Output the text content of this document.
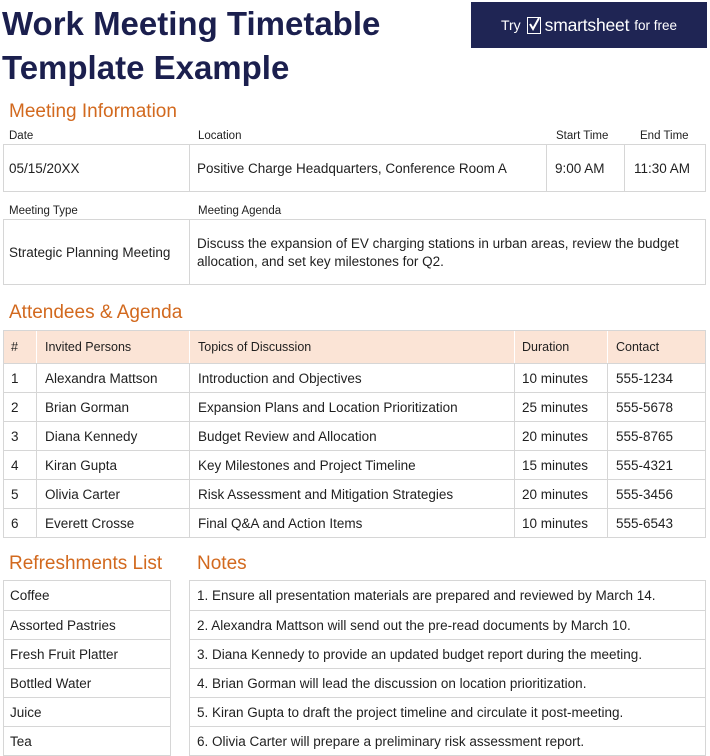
Work Meeting Timetable
Template Example
Try smartsheet for free
Meeting Information
Date	Location	Start Time	End Time
05/15/20XX	Positive Charge Headquarters, Conference Room A	9:00 AM	11:30 AM
Meeting Type	Meeting Agenda
Strategic Planning Meeting
Discuss the expansion of EV charging stations in urban areas, review the budget allocation, and set key milestones for Q2.
Attendees & Agenda
# Invited Persons	Topics of Discussion	Duration	Contact
1 Alexandra Mattson	Introduction and Objectives	10 minutes 555-1234
2 Brian Gorman	Expansion Plans and Location Prioritization	25 minutes 555-5678
3 Diana Kennedy	Budget Review and Allocation	20 minutes 555-8765
4 Kiran Gupta	Key Milestones and Project Timeline	15 minutes 555-4321
5 Olivia Carter	Risk Assessment and Mitigation Strategies	20 minutes 555-3456
6 Everett Crosse	Final Q&A and Action Items	10 minutes 555-6543
Refreshments List
Coffee
Assorted Pastries
Fresh Fruit Platter
Bottled Water
Juice
Tea
Notes
1. Ensure all presentation materials are prepared and reviewed by March 14.
2. Alexandra Mattson will send out the pre-read documents by March 10.
3. Diana Kennedy to provide an updated budget report during the meeting.
4. Brian Gorman will lead the discussion on location prioritization.
5. Kiran Gupta to draft the project timeline and circulate it post-meeting.
6. Olivia Carter will prepare a preliminary risk assessment report.
